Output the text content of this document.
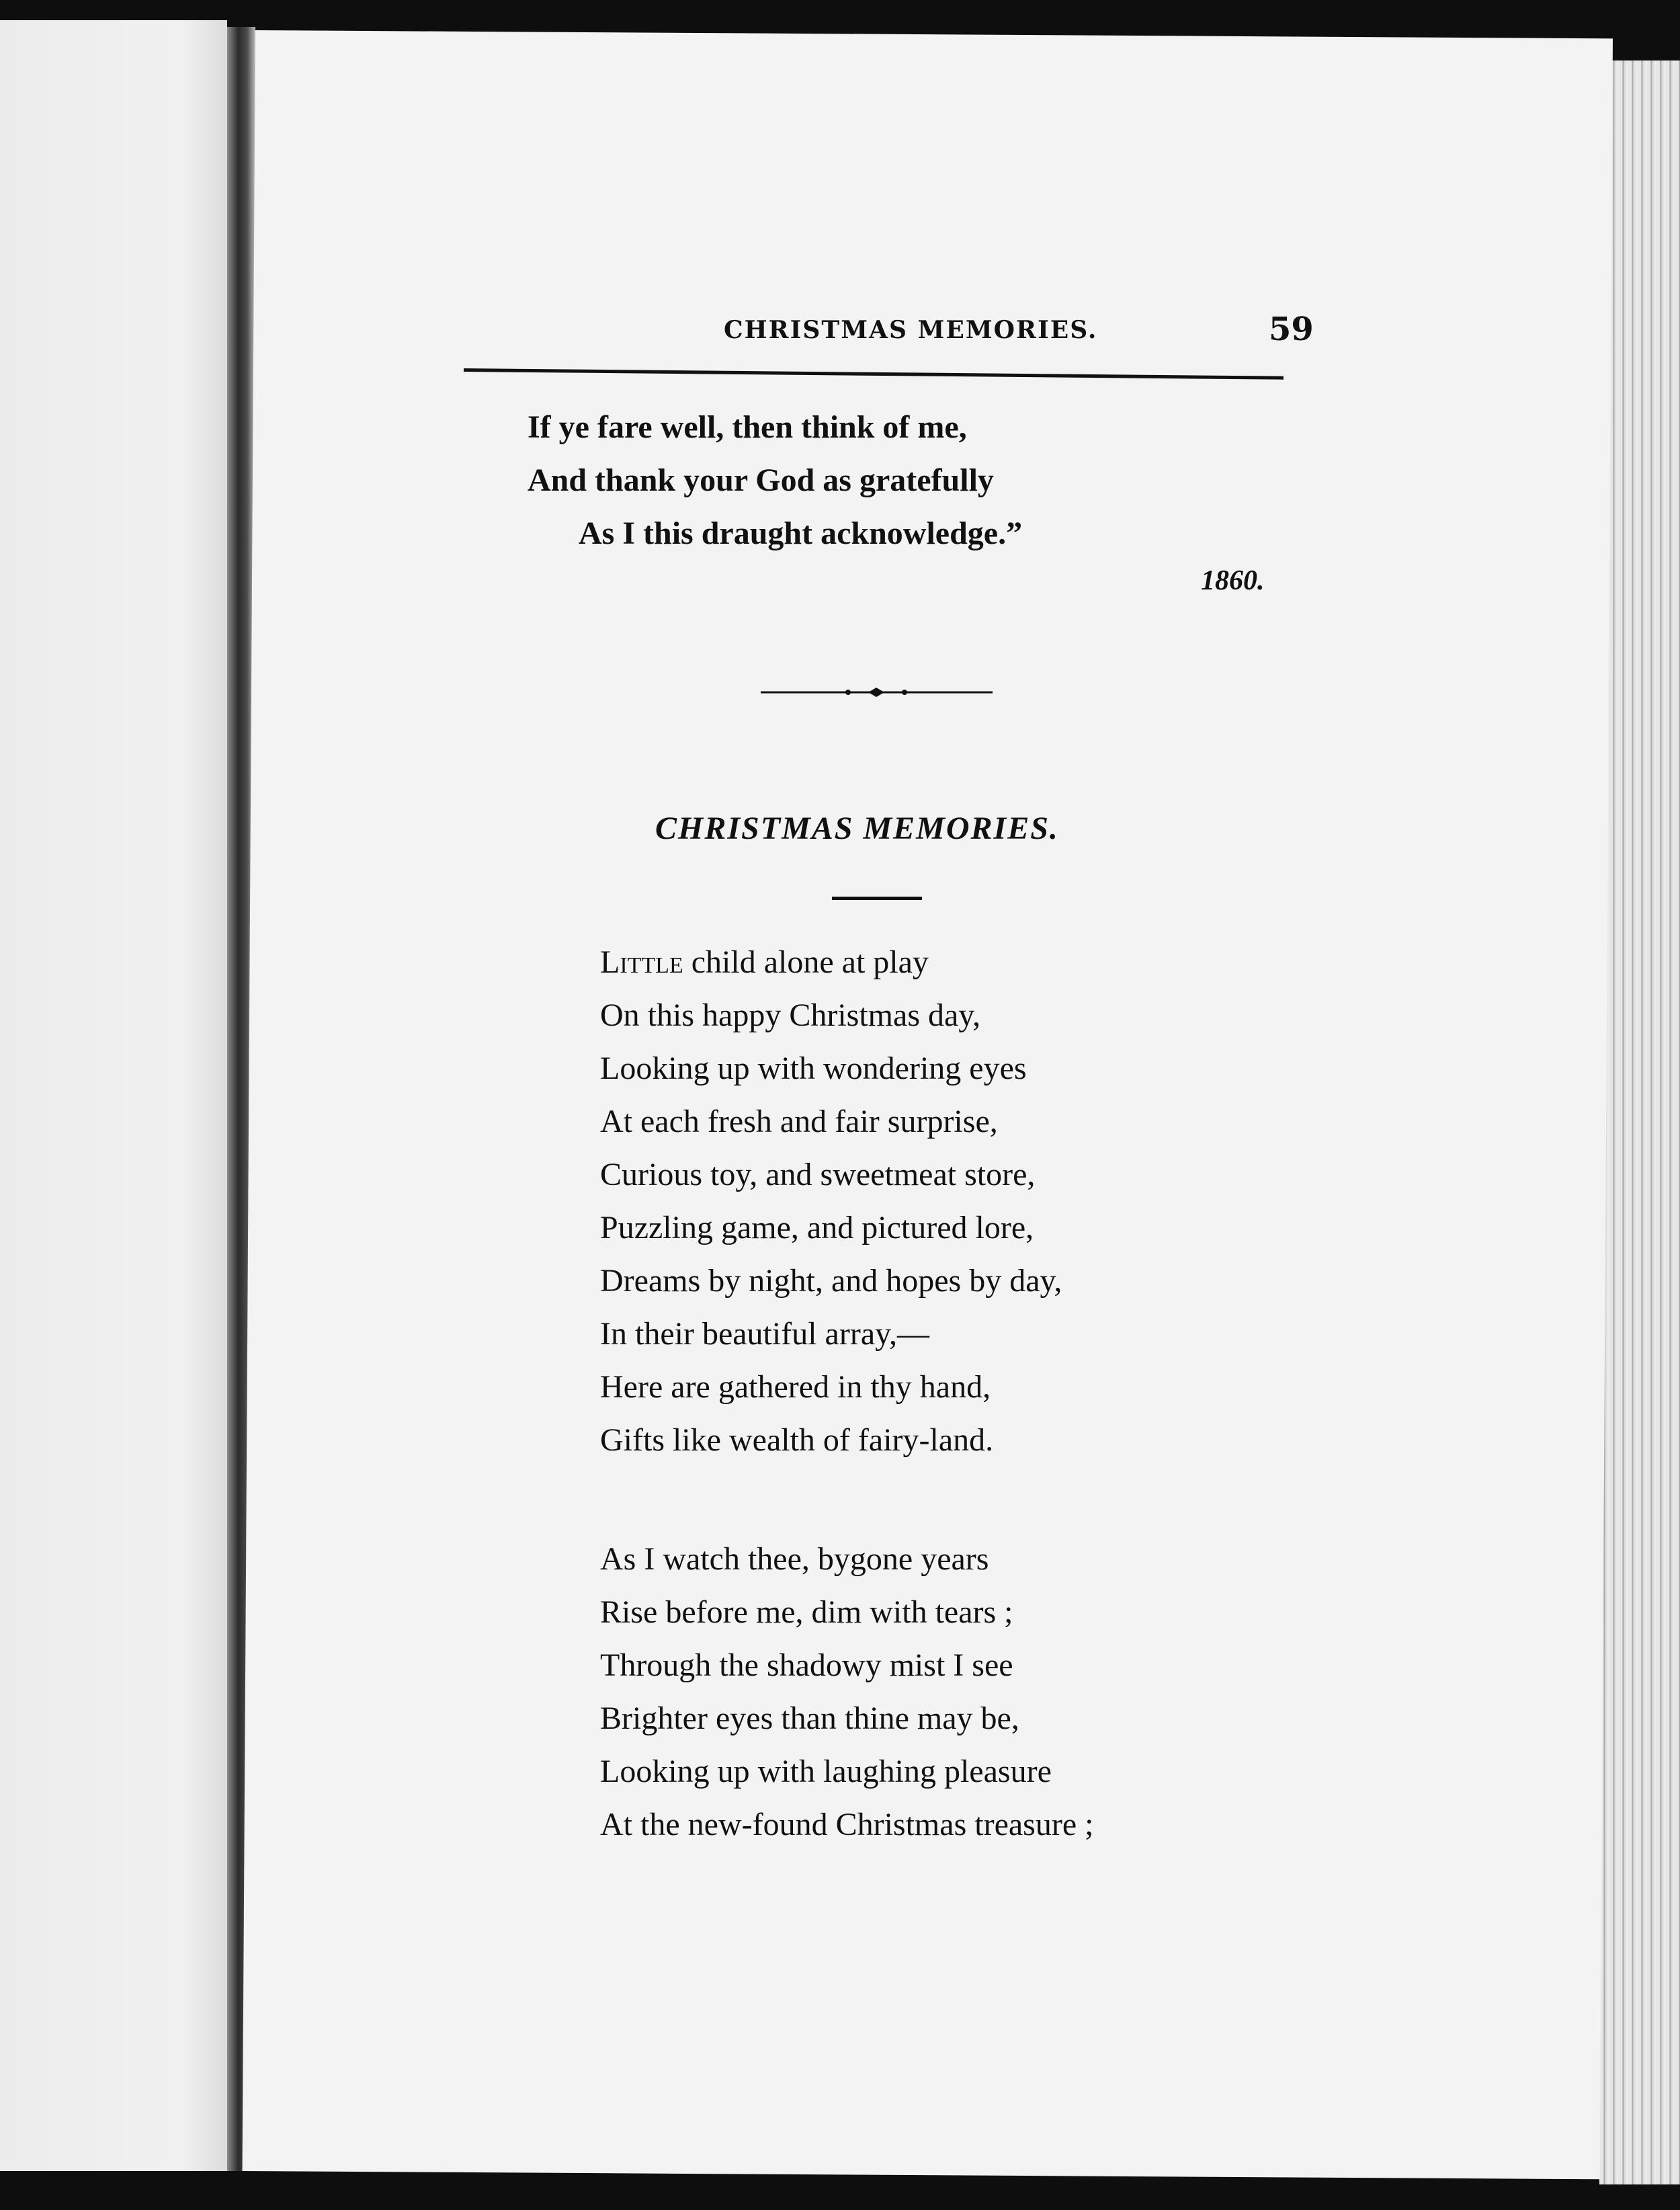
CHRISTMAS MEMORIES.	59
If ye fare well, then think of me,
And thank your God as gratefully
As I this draught acknowledge.”
1860.
CHRISTMAS MEMORIES.
Little child alone at play
On this happy Christmas day,
Looking up with wondering eyes
At each fresh and fair surprise,
Curious toy, and sweetmeat store,
Puzzling game, and pictured lore,
Dreams by night, and hopes by day,
In their beautiful array,—
Here are gathered in thy hand,
Gifts like wealth of fairy-land.
As I watch thee, bygone years
Rise before me, dim with tears ;
Through the shadowy mist I see
Brighter eyes than thine may be,
Looking up with laughing pleasure
At the new-found Christmas treasure ;
